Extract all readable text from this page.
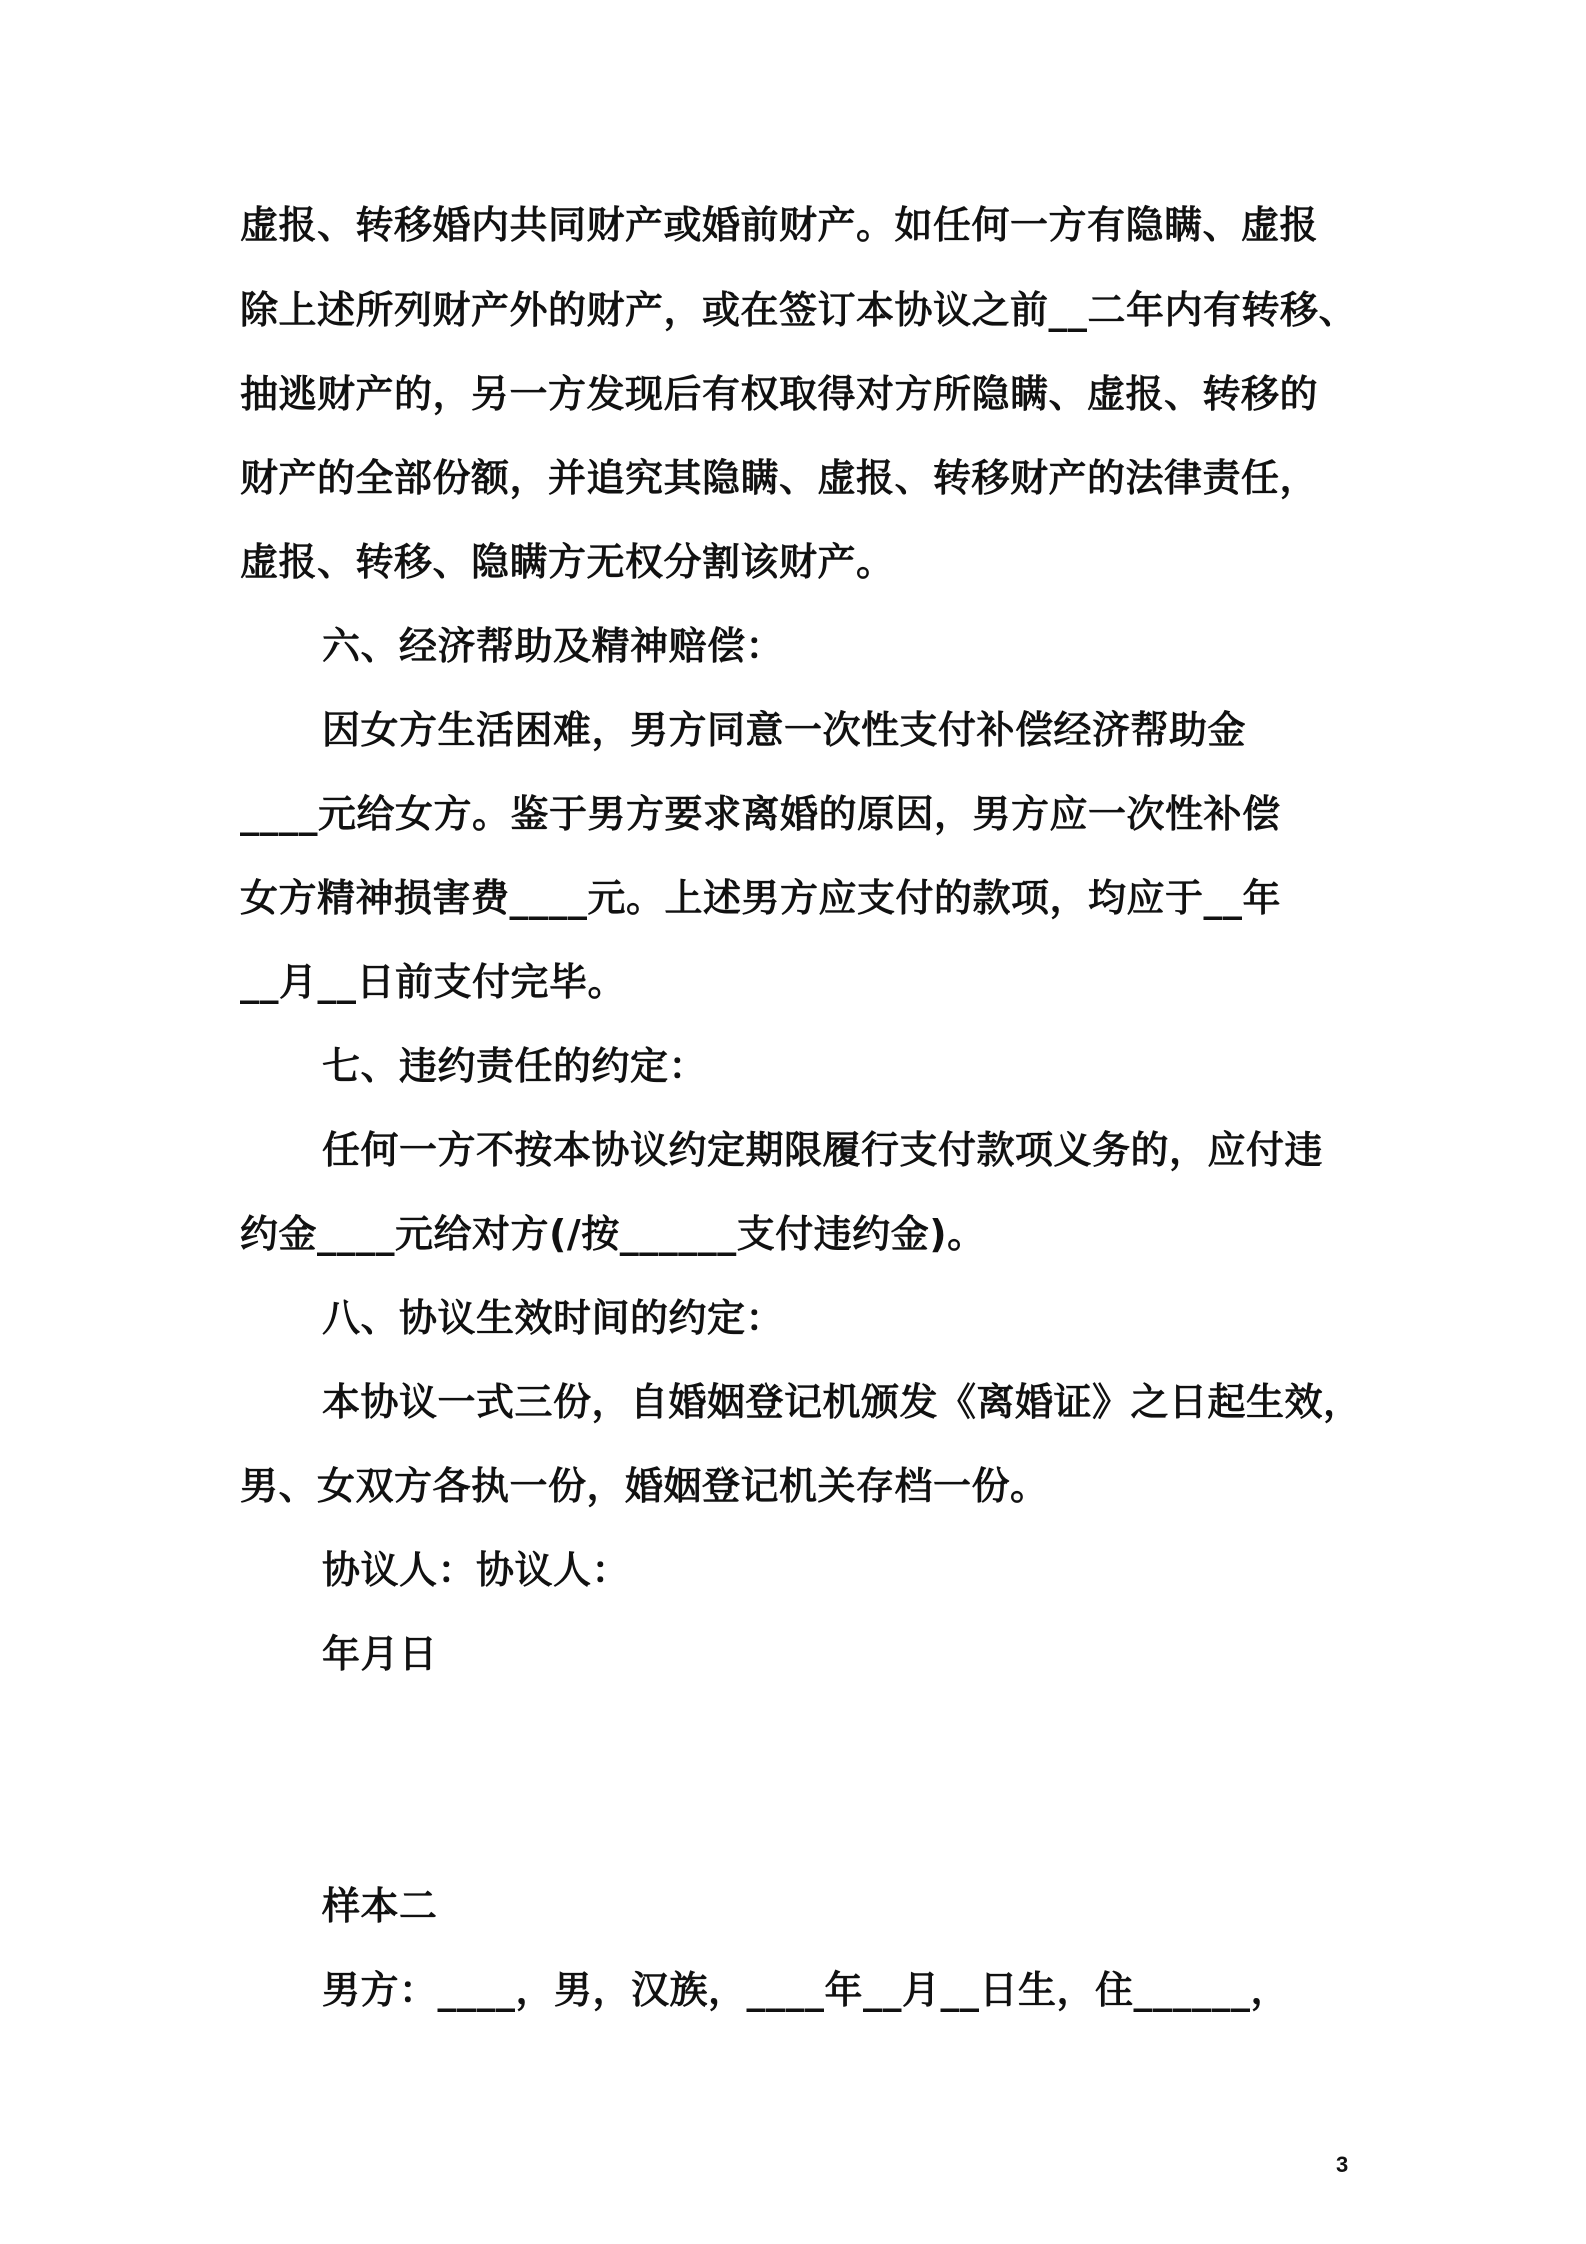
虚报、转移婚内共同财产或婚前财产。如任何一方有隐瞒、虚报
除上述所列财产外的财产，或在签订本协议之前__二年内有转移、
抽逃财产的，另一方发现后有权取得对方所隐瞒、虚报、转移的
财产的全部份额，并追究其隐瞒、虚报、转移财产的法律责任，
虚报、转移、隐瞒方无权分割该财产。
六、经济帮助及精神赔偿：
因女方生活困难，男方同意一次性支付补偿经济帮助金
____元给女方。鉴于男方要求离婚的原因，男方应一次性补偿
女方精神损害费____元。上述男方应支付的款项，均应于__年
__月__日前支付完毕。
七、违约责任的约定：
任何一方不按本协议约定期限履行支付款项义务的，应付违
约金____元给对方(/按______支付违约金)。
八、协议生效时间的约定：
本协议一式三份，自婚姻登记机颁发《离婚证》之日起生效，
男、女双方各执一份，婚姻登记机关存档一份。
协议人：协议人：
年月日
样本二
男方：____，男，汉族，____年__月__日生，住______，
3
